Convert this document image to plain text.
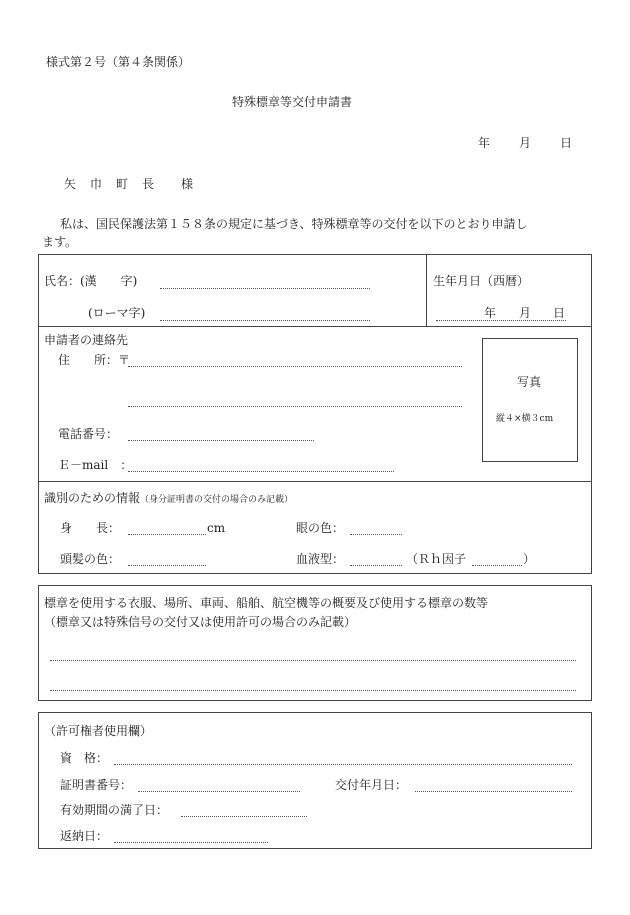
様式第２号（第４条関係）
特殊標章等交付申請書
年 月 日
矢　巾　町　長　　様
私は、国民保護法第１５８条の規定に基づき、特殊標章等の交付を以下のとおり申請し
ます。
氏名：(漢　　字)
(ローマ字)
生年月日（西暦）
年 月 日
申請者の連絡先
住　　所：〒
電話番号：
Ｅ－mail　：
写真
縦４×横３cm
識別のための情報（身分証明書の交付の場合のみ記載）
身　　長：	cm	眼の色：
頭髪の色：	血液型：	（Ｒｈ因子	）
標章を使用する衣服、場所、車両、船舶、航空機等の概要及び使用する標章の数等
（標章又は特殊信号の交付又は使用許可の場合のみ記載）
（許可権者使用欄）
資　格：
証明書番号：	交付年月日：
有効期間の満了日：
返納日：
